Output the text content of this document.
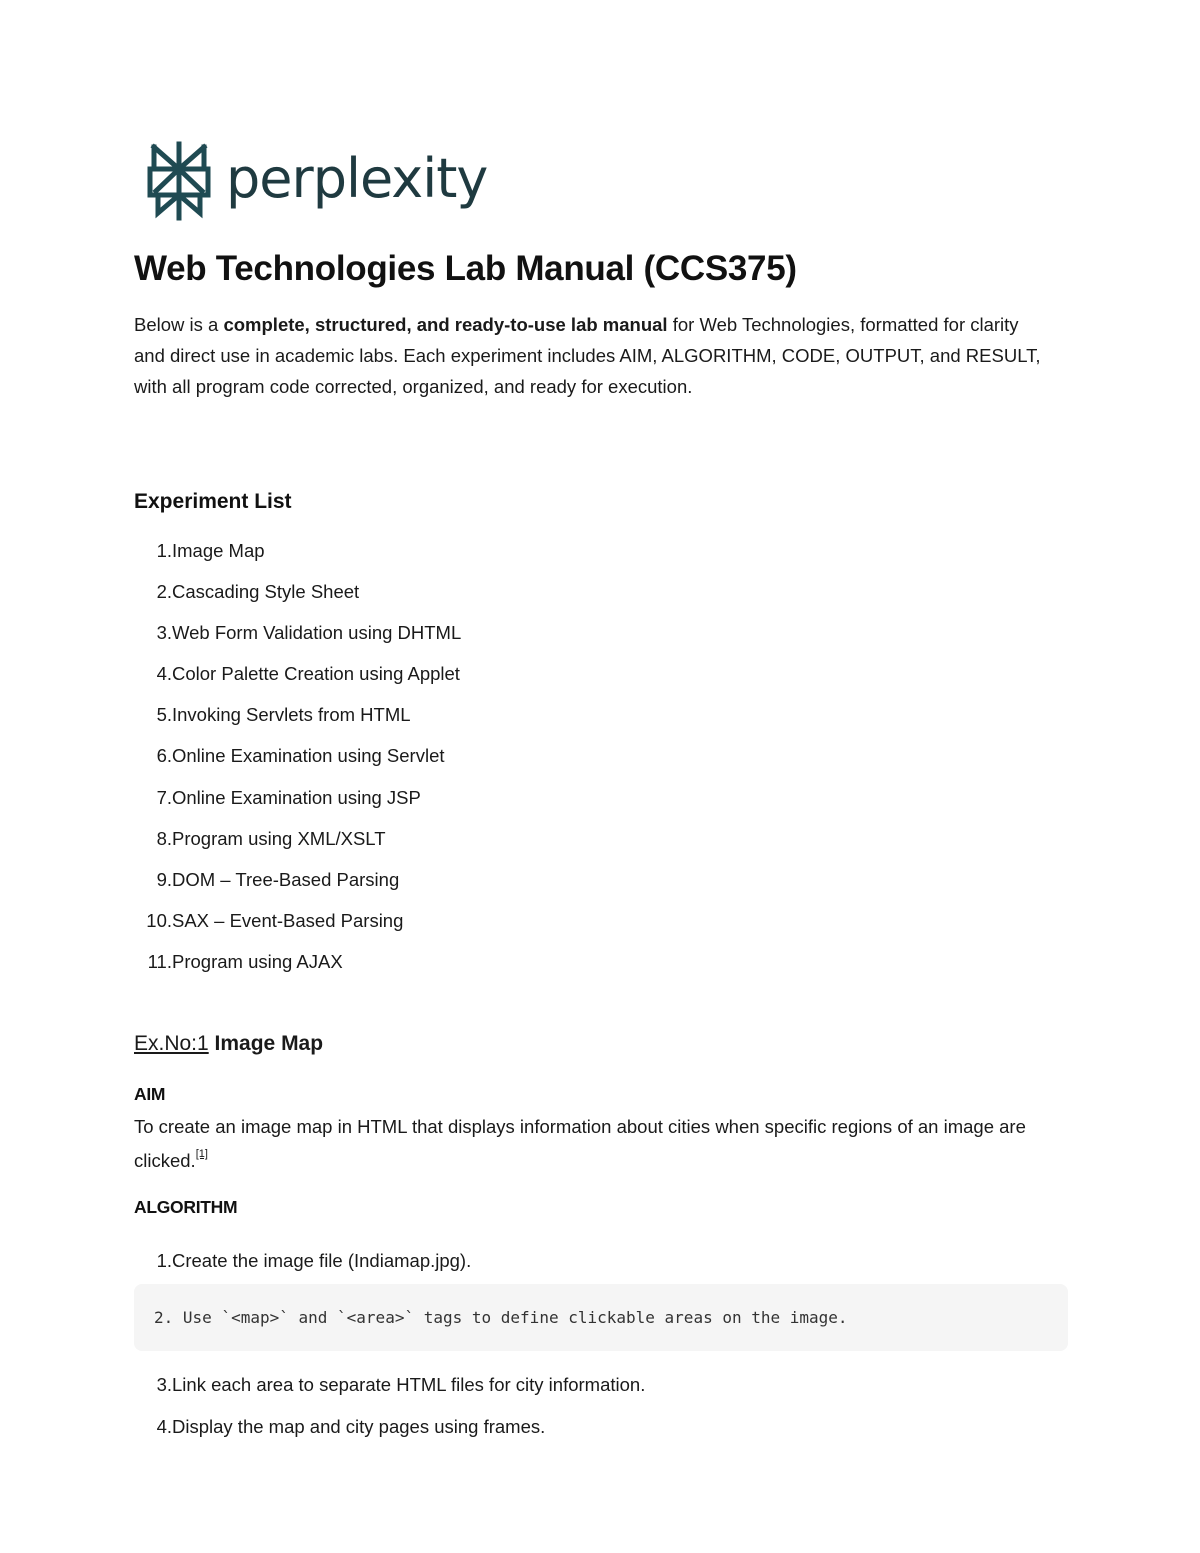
perplexity
Web Technologies Lab Manual (CCS375)

Below is a complete, structured, and ready-to-use lab manual for Web Technologies, formatted for clarity and direct use in academic labs. Each experiment includes AIM, ALGORITHM, CODE, OUTPUT, and RESULT, with all program code corrected, organized, and ready for execution.

Experiment List
1. Image Map
2. Cascading Style Sheet
3. Web Form Validation using DHTML
4. Color Palette Creation using Applet
5. Invoking Servlets from HTML
6. Online Examination using Servlet
7. Online Examination using JSP
8. Program using XML/XSLT
9. DOM – Tree-Based Parsing
10. SAX – Event-Based Parsing
11. Program using AJAX
Ex.No:1 Image Map
AIM

To create an image map in HTML that displays information about cities when specific regions of an image are clicked.[1]

ALGORITHM
1. Create the image file (Indiamap.jpg).
2. Use `<map>` and `<area>` tags to define clickable areas on the image.
3. Link each area to separate HTML files for city information.
4. Display the map and city pages using frames.
